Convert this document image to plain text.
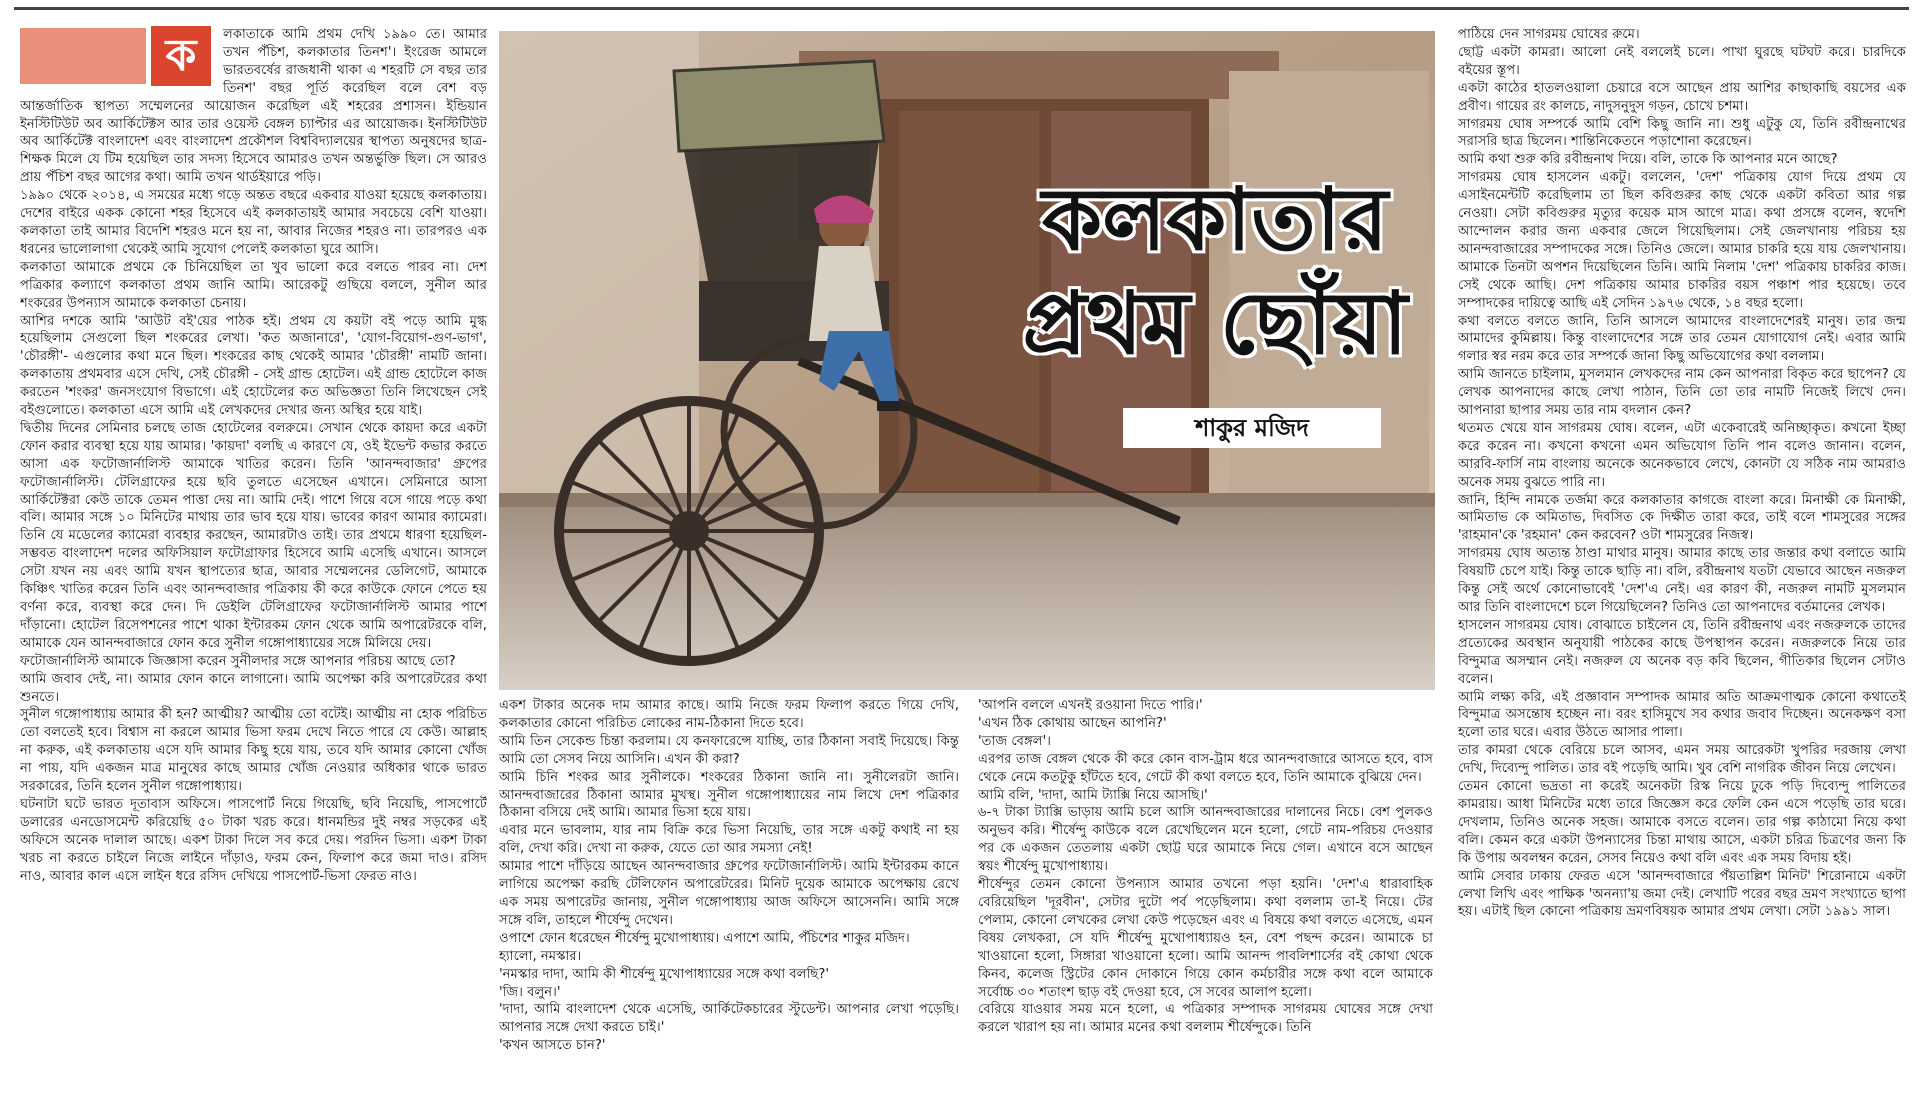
ক	লকাতাকে আমি প্রথম দেখি ১৯৯০ তে। আমার তখন পঁচিশ, কলকাতার তিনশ'। ইংরেজ আমলে ভারতবর্ষের রাজধানী থাকা এ শহরটি সে বছর তার তিনশ' বছর পূর্তি করেছিল বলে বেশ বড় আন্তর্জাতিক স্থাপত্য সম্মেলনের আয়োজন করেছিল এই শহরের প্রশাসন। ইন্ডিয়ান ইনস্টিটিউট অব আর্কিটেক্টস আর তার ওয়েস্ট বেঙ্গল চ্যাপ্টার এর আয়োজক। ইনস্টিটিউট অব আর্কিটেক্ট বাংলাদেশ এবং বাংলাদেশ প্রকৌশল বিশ্ববিদ্যালয়ের স্থাপত্য অনুষদের ছাত্র-শিক্ষক মিলে যে টিম হয়েছিল তার সদস্য হিসেবে আমারও তখন অন্তর্ভুক্তি ছিল। সে আরও প্রায় পঁচিশ বছর আগের কথা। আমি তখন থার্ডইয়ারে পড়ি।

১৯৯০ থেকে ২০১৪, এ সময়ের মধ্যে গড়ে অন্তত বছরে একবার যাওয়া হয়েছে কলকাতায়। দেশের বাইরে একক কোনো শহর হিসেবে এই কলকাতায়ই আমার সবচেয়ে বেশি যাওয়া। কলকাতা তাই আমার বিদেশি শহরও মনে হয় না, আবার নিজের শহরও না। তারপরও এক ধরনের ভালোলাগা থেকেই আমি সুযোগ পেলেই কলকাতা ঘুরে আসি।

কলকাতা আমাকে প্রথমে কে চিনিয়েছিল তা খুব ভালো করে বলতে পারব না। দেশ পত্রিকার কল্যাণে কলকাতা প্রথম জানি আমি। আরেকটু গুছিয়ে বললে, সুনীল আর শংকরের উপন্যাস আমাকে কলকাতা চেনায়।

আশির দশকে আমি 'আউট বই'য়ের পাঠক হই। প্রথম যে কয়টা বই পড়ে আমি মুগ্ধ হয়েছিলাম সেগুলো ছিল শংকরের লেখা। 'কত অজানারে', 'যোগ-বিয়োগ-গুণ-ভাগ', 'চৌরঙ্গী'- এগুলোর কথা মনে ছিল। শংকরের কাছ থেকেই আমার 'চৌরঙ্গী' নামটি জানা। কলকাতায় প্রথমবার এসে দেখি, সেই চৌরঙ্গী - সেই গ্রান্ড হোটেল। এই গ্রান্ড হোটেলে কাজ করতেন 'শংকর' জনসংযোগ বিভাগে। এই হোটেলের কত অভিজ্ঞতা তিনি লিখেছেন সেই বইগুলোতে। কলকাতা এসে আমি এই লেখকদের দেখার জন্য অস্থির হয়ে যাই।

দ্বিতীয় দিনের সেমিনার চলছে তাজ হোটেলের বলরুমে। সেখান থেকে কায়দা করে একটা ফোন করার ব্যবস্থা হয়ে যায় আমার। 'কায়দা' বলছি এ কারণে যে, ওই ইভেন্ট কভার করতে আসা এক ফটোজার্নালিস্ট আমাকে খাতির করেন। তিনি 'আনন্দবাজার' গ্রুপের ফটোজার্নালিস্ট। টেলিগ্রাফের হয়ে ছবি তুলতে এসেছেন এখানে। সেমিনারে আসা আর্কিটেক্টরা কেউ তাকে তেমন পাত্তা দেয় না। আমি দেই। পাশে গিয়ে বসে গায়ে পড়ে কথা বলি। আমার সঙ্গে ১০ মিনিটের মাথায় তার ভাব হয়ে যায়। ভাবের কারণ আমার ক্যামেরা। তিনি যে মডেলের ক্যামেরা ব্যবহার করছেন, আমারটাও তাই। তার প্রথমে ধারণা হয়েছিল- সম্ভবত বাংলাদেশ দলের অফিসিয়াল ফটোগ্রাফার হিসেবে আমি এসেছি এখানে। আসলে সেটা যখন নয় এবং আমি যখন স্থাপত্যের ছাত্র, আবার সম্মেলনের ডেলিগেট, আমাকে কিঞ্চিৎ খাতির করেন তিনি এবং আনন্দবাজার পত্রিকায় কী করে কাউকে ফোনে পেতে হয় বর্ণনা করে, ব্যবস্থা করে দেন। দি ডেইলি টেলিগ্রাফের ফটোজার্নালিস্ট আমার পাশে দাঁড়ানো। হোটেল রিসেপশনের পাশে থাকা ইন্টারকম ফোন থেকে আমি অপারেটরকে বলি, আমাকে যেন আনন্দবাজারে ফোন করে সুনীল গঙ্গোপাধ্যায়ের সঙ্গে মিলিয়ে দেয়।

ফটোজার্নালিস্ট আমাকে জিজ্ঞাসা করেন সুনীলদার সঙ্গে আপনার পরিচয় আছে তো?

আমি জবাব দেই, না। আমার ফোন কানে লাগানো। আমি অপেক্ষা করি অপারেটরের কথা শুনতে।

সুনীল গঙ্গোপাধ্যায় আমার কী হন? আত্মীয়? আত্মীয় তো বটেই। আত্মীয় না হোক পরিচিত তো বলতেই হবে। বিশ্বাস না করলে আমার ভিসা ফরম দেখে নিতে পারে যে কেউ। আল্লাহ না করুক, এই কলকাতায় এসে যদি আমার কিছু হয়ে যায়, তবে যদি আমার কোনো খোঁজ না পায়, যদি একজন মাত্র মানুষের কাছে আমার খোঁজ নেওয়ার অধিকার থাকে ভারত সরকারের, তিনি হলেন সুনীল গঙ্গোপাধ্যায়।

ঘটনাটা ঘটে ভারত দূতাবাস অফিসে। পাসপোর্ট নিয়ে গিয়েছি, ছবি নিয়েছি, পাসপোর্টে ডলারের এনডোসমেন্ট করিয়েছি ৫০ টাকা খরচ করে। ধানমন্ডির দুই নম্বর সড়কের এই অফিসে অনেক দালাল আছে। একশ টাকা দিলে সব করে দেয়। পরদিন ভিসা। একশ টাকা খরচ না করতে চাইলে নিজে লাইনে দাঁড়াও, ফরম কেন, ফিলাপ করে জমা দাও। রসিদ নাও, আবার কাল এসে লাইন ধরে রসিদ দেখিয়ে পাসপোর্ট-ভিসা ফেরত নাও।

কলকাতার
প্রথম ছোঁয়া
শাকুর মজিদ

একশ টাকার অনেক দাম আমার কাছে। আমি নিজে ফরম ফিলাপ করতে গিয়ে দেখি, কলকাতার কোনো পরিচিত লোকের নাম-ঠিকানা দিতে হবে।

আমি তিন সেকেন্ড চিন্তা করলাম। যে কনফারেন্সে যাচ্ছি, তার ঠিকানা সবাই দিয়েছে। কিন্তু আমি তো সেসব নিয়ে আসিনি। এখন কী করা?

আমি চিনি শংকর আর সুনীলকে। শংকরের ঠিকানা জানি না। সুনীলেরটা জানি। আনন্দবাজারের ঠিকানা আমার মুখস্থ। সুনীল গঙ্গোপাধ্যায়ের নাম লিখে দেশ পত্রিকার ঠিকানা বসিয়ে দেই আমি। আমার ভিসা হয়ে যায়।

এবার মনে ভাবলাম, যার নাম বিক্রি করে ভিসা নিয়েছি, তার সঙ্গে একটু কথাই না হয় বলি, দেখা করি। দেখা না করুক, যেতে তো আর সমস্যা নেই!

আমার পাশে দাঁড়িয়ে আছেন আনন্দবাজার গ্রুপের ফটোজার্নালিস্ট। আমি ইন্টারকম কানে লাগিয়ে অপেক্ষা করছি টেলিফোন অপারেটরের। মিনিট দুয়েক আমাকে অপেক্ষায় রেখে এক সময় অপারেটর জানায়, সুনীল গঙ্গোপাধ্যায় আজ অফিসে আসেননি। আমি সঙ্গে সঙ্গে বলি, তাহলে শীর্ষেন্দু দেখেন।

ওপাশে ফোন ধরেছেন শীর্ষেন্দু মুখোপাধ্যায়। এপাশে আমি, পঁচিশের শাকুর মজিদ।

হ্যালো, নমস্কার।

'নমস্কার দাদা, আমি কী শীর্ষেন্দু মুখোপাধ্যায়ের সঙ্গে কথা বলছি?'

'জি। বলুন।'

'দাদা, আমি বাংলাদেশ থেকে এসেছি, আর্কিটেকচারের স্টুডেন্ট। আপনার লেখা পড়েছি। আপনার সঙ্গে দেখা করতে চাই।'

'কখন আসতে চান?'

'আপনি বললে এখনই রওয়ানা দিতে পারি।'

'এখন ঠিক কোথায় আছেন আপনি?'

'তাজ বেঙ্গল'।

এরপর তাজ বেঙ্গল থেকে কী করে কোন বাস-ট্রাম ধরে আনন্দবাজারে আসতে হবে, বাস থেকে নেমে কতটুকু হাঁটতে হবে, গেটে কী কথা বলতে হবে, তিনি আমাকে বুঝিয়ে দেন।

আমি বলি, 'দাদা, আমি ট্যাক্সি নিয়ে আসছি।'

৬-৭ টাকা ট্যাক্সি ভাড়ায় আমি চলে আসি আনন্দবাজারের দালানের নিচে। বেশ পুলকও অনুভব করি। শীর্ষেন্দু কাউকে বলে রেখেছিলেন মনে হলো, গেটে নাম-পরিচয় দেওয়ার পর কে একজন তেতলায় একটা ছোট্ট ঘরে আমাকে নিয়ে গেল। এখানে বসে আছেন স্বয়ং শীর্ষেন্দু মুখোপাধ্যায়।

শীর্ষেন্দুর তেমন কোনো উপন্যাস আমার তখনো পড়া হয়নি। 'দেশ'এ ধারাবাহিক বেরিয়েছিল 'দূরবীন', সেটার দুটো পর্ব পড়েছিলাম। কথা বললাম তা-ই নিয়ে। টের পেলাম, কোনো লেখকের লেখা কেউ পড়েছেন এবং এ বিষয়ে কথা বলতে এসেছে, এমন বিষয় লেখকরা, সে যদি শীর্ষেন্দু মুখোপাধ্যায়ও হন, বেশ পছন্দ করেন। আমাকে চা খাওয়ানো হলো, সিঙ্গারা খাওয়ানো হলো। আমি আনন্দ পাবলিশার্সের বই কোথা থেকে কিনব, কলেজ স্ট্রিটের কোন দোকানে গিয়ে কোন কর্মচারীর সঙ্গে কথা বলে আমাকে সর্বোচ্চ ৩০ শতাংশ ছাড় বই দেওয়া হবে, সে সবের আলাপ হলো।

বেরিয়ে যাওয়ার সময় মনে হলো, এ পত্রিকার সম্পাদক সাগরময় ঘোষের সঙ্গে দেখা করলে খারাপ হয় না। আমার মনের কথা বললাম শীর্ষেন্দুকে। তিনি

পাঠিয়ে দেন সাগরময় ঘোষের রুমে।

ছোট্ট একটা কামরা। আলো নেই বললেই চলে। পাখা ঘুরছে ঘটঘট করে। চারদিকে বইয়ের স্তূপ।

একটা কাঠের হাতলওয়ালা চেয়ারে বসে আছেন প্রায় আশির কাছাকাছি বয়সের এক প্রবীণ। গায়ের রং কালচে, নাদুসনুদুস গড়ন, চোখে চশমা।

সাগরময় ঘোষ সম্পর্কে আমি বেশি কিছু জানি না। শুধু এটুকু যে, তিনি রবীন্দ্রনাথের সরাসরি ছাত্র ছিলেন। শান্তিনিকেতনে পড়াশোনা করেছেন।

আমি কথা শুরু করি রবীন্দ্রনাথ দিয়ে। বলি, তাকে কি আপনার মনে আছে?

সাগরময় ঘোষ হাসলেন একটু। বললেন, 'দেশ' পত্রিকায় যোগ দিয়ে প্রথম যে এসাইনমেন্টটি করেছিলাম তা ছিল কবিগুরুর কাছ থেকে একটা কবিতা আর গল্প নেওয়া। সেটা কবিগুরুর মৃত্যুর কয়েক মাস আগে মাত্র। কথা প্রসঙ্গে বলেন, স্বদেশি আন্দোলন করার জন্য একবার জেলে গিয়েছিলাম। সেই জেলখানায় পরিচয় হয় আনন্দবাজারের সম্পাদকের সঙ্গে। তিনিও জেলে। আমার চাকরি হয়ে যায় জেলখানায়। আমাকে তিনটা অপশন দিয়েছিলেন তিনি। আমি নিলাম 'দেশ' পত্রিকায় চাকরির কাজ। সেই থেকে আছি। দেশ পত্রিকায় আমার চাকরির বয়স পঞ্চাশ পার হয়েছে। তবে সম্পাদকের দায়িত্বে আছি এই সেদিন ১৯৭৬ থেকে, ১৪ বছর হলো।

কথা বলতে বলতে জানি, তিনি আসলে আমাদের বাংলাদেশেরই মানুষ। তার জন্ম আমাদের কুমিল্লায়। কিন্তু বাংলাদেশের সঙ্গে তার তেমন যোগাযোগ নেই। এবার আমি গলার স্বর নরম করে তার সম্পর্কে জানা কিছু অভিযোগের কথা বললাম।

আমি জানতে চাইলাম, মুসলমান লেখকদের নাম কেন আপনারা বিকৃত করে ছাপেন? যে লেখক আপনাদের কাছে লেখা পাঠান, তিনি তো তার নামটি নিজেই লিখে দেন। আপনারা ছাপার সময় তার নাম বদলান কেন?

থতমত খেয়ে যান সাগরময় ঘোষ। বলেন, এটা একেবারেই অনিচ্ছাকৃত। কখনো ইচ্ছা করে করেন না। কখনো কখনো এমন অভিযোগ তিনি পান বলেও জানান। বলেন, আরবি-ফার্সি নাম বাংলায় অনেকে অনেকভাবে লেখে, কোনটা যে সঠিক নাম আমরাও অনেক সময় বুঝতে পারি না।

জানি, হিন্দি নামকে তর্জমা করে কলকাতার কাগজে বাংলা করে। মিনাক্ষী কে মিনাক্ষী, আমিতাভ কে অমিতাভ, দিবসিত কে দিক্ষীত তারা করে, তাই বলে শামসুরের সঙ্গের 'রাহমান'কে 'রহমান' কেন করবেন? ওটা শামসুরের নিজস্ব।

সাগরময় ঘোষ অত্যন্ত ঠাণ্ডা মাথার মানুষ। আমার কাছে তার জন্তার কথা বলাতে আমি বিষয়টি চেপে যাই। কিন্তু তাকে ছাড়ি না। বলি, রবীন্দ্রনাথ যতটা যেভাবে আছেন নজরুল কিন্তু সেই অর্থে কোনোভাবেই 'দেশ'এ নেই। এর কারণ কী, নজরুল নামটি মুসলমান আর তিনি বাংলাদেশে চলে গিয়েছিলেন? তিনিও তো আপনাদের বর্তমানের লেখক।

হাসলেন সাগরময় ঘোষ। বোঝাতে চাইলেন যে, তিনি রবীন্দ্রনাথ এবং নজরুলকে তাদের প্রত্যেকের অবস্থান অনুযায়ী পাঠকের কাছে উপস্থাপন করেন। নজরুলকে নিয়ে তার বিন্দুমাত্র অসম্মান নেই। নজরুল যে অনেক বড় কবি ছিলেন, গীতিকার ছিলেন সেটাও বলেন।

আমি লক্ষ্য করি, এই প্রজ্ঞাবান সম্পাদক আমার অতি আক্রমণাত্মক কোনো কথাতেই বিন্দুমাত্র অসন্তোষ হচ্ছেন না। বরং হাসিমুখে সব কথার জবাব দিচ্ছেন। অনেকক্ষণ বসা হলো তার ঘরে। এবার উঠতে আসার পালা।

তার কামরা থেকে বেরিয়ে চলে আসব, এমন সময় আরেকটা খুপরির দরজায় লেখা দেখি, দিব্যেন্দু পালিত। তার বই পড়েছি আমি। খুব বেশি নাগরিক জীবন নিয়ে লেখেন।

তেমন কোনো ভদ্রতা না করেই অনেকটা রিস্ক নিয়ে ঢুকে পড়ি দিব্যেন্দু পালিতের কামরায়। আধা মিনিটের মধ্যে তারে জিজ্ঞেস করে ফেলি কেন এসে পড়েছি তার ঘরে। দেখলাম, তিনিও অনেক সহজ। আমাকে বসতে বলেন। তার গল্প কাঠামো নিয়ে কথা বলি। কেমন করে একটা উপন্যাসের চিন্তা মাথায় আসে, একটা চরিত্র চিত্রণের জন্য কি কি উপায় অবলম্বন করেন, সেসব নিয়েও কথা বলি এবং এক সময় বিদায় হই।

আমি সেবার ঢাকায় ফেরত এসে 'আনন্দবাজারে পঁয়তাল্লিশ মিনিট' শিরোনামে একটা লেখা লিখি এবং পাক্ষিক 'অনন্যা'য় জমা দেই। লেখাটি পরের বছর ভ্রমণ সংখ্যাতে ছাপা হয়। এটাই ছিল কোনো পত্রিকায় ভ্রমণবিষয়ক আমার প্রথম লেখা। সেটা ১৯৯১ সাল।
